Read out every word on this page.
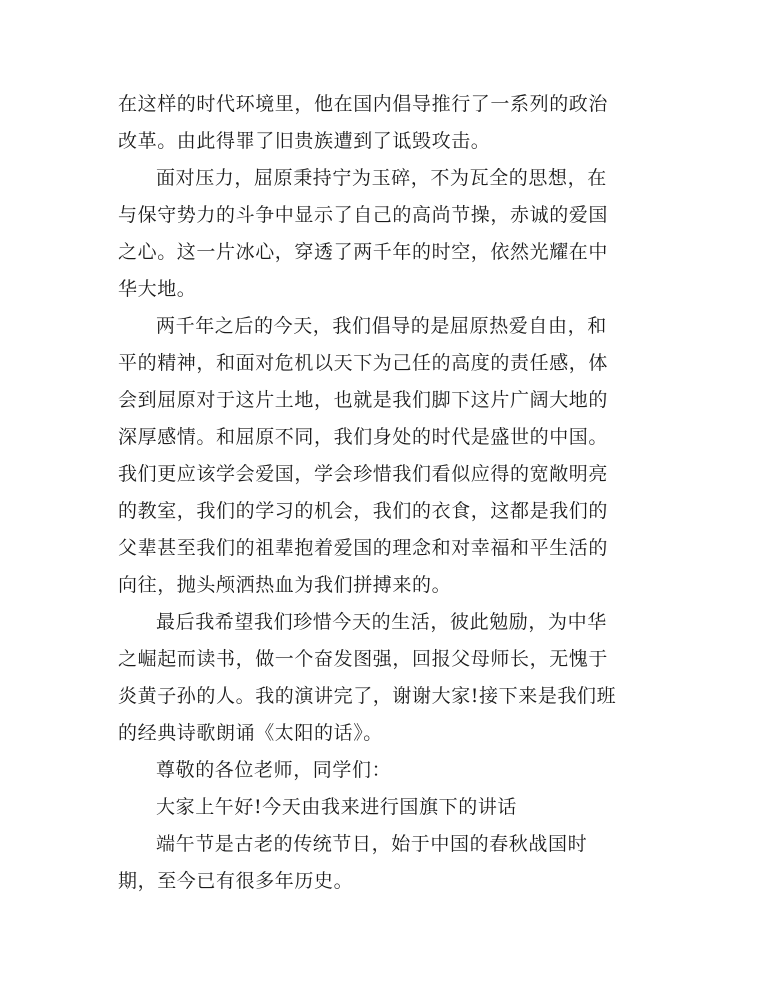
在这样的时代环境里，他在国内倡导推行了一系列的政治
改革。由此得罪了旧贵族遭到了诋毁攻击。
面对压力，屈原秉持宁为玉碎，不为瓦全的思想，在
与保守势力的斗争中显示了自己的高尚节操，赤诚的爱国
之心。这一片冰心，穿透了两千年的时空，依然光耀在中
华大地。
两千年之后的今天，我们倡导的是屈原热爱自由，和
平的精神，和面对危机以天下为己任的高度的责任感，体
会到屈原对于这片土地，也就是我们脚下这片广阔大地的
深厚感情。和屈原不同，我们身处的时代是盛世的中国。
我们更应该学会爱国，学会珍惜我们看似应得的宽敞明亮
的教室，我们的学习的机会，我们的衣食，这都是我们的
父辈甚至我们的祖辈抱着爱国的理念和对幸福和平生活的
向往，抛头颅洒热血为我们拼搏来的。
最后我希望我们珍惜今天的生活，彼此勉励，为中华
之崛起而读书，做一个奋发图强，回报父母师长，无愧于
炎黄子孙的人。我的演讲完了，谢谢大家!接下来是我们班
的经典诗歌朗诵《太阳的话》。
尊敬的各位老师，同学们：
大家上午好!今天由我来进行国旗下的讲话
端午节是古老的传统节日，始于中国的春秋战国时
期，至今已有很多年历史。
